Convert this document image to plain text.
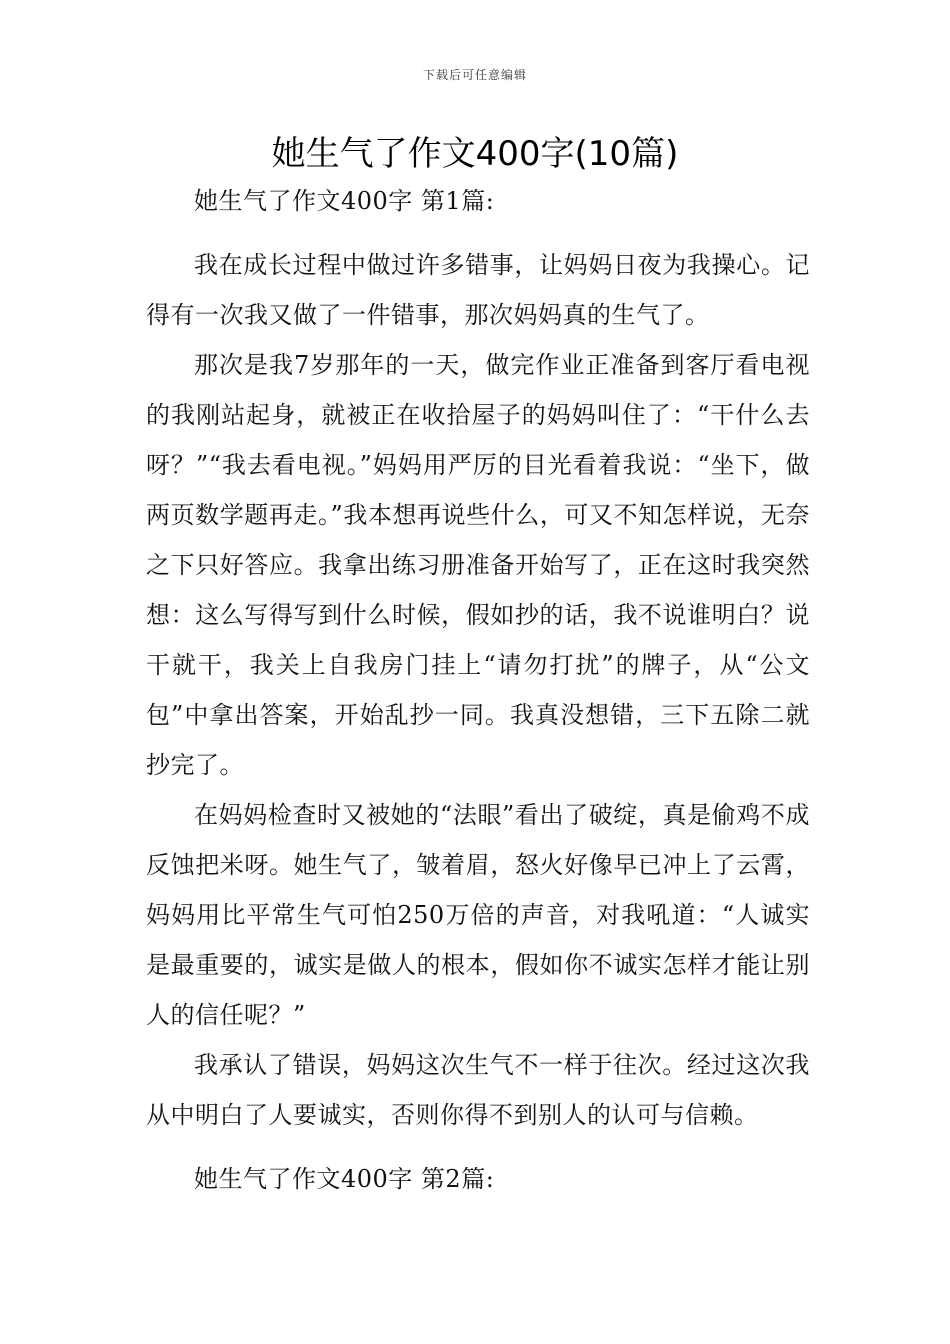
下载后可任意编辑
她生气了作文400字(10篇)

她生气了作文400字 第1篇:

我在成长过程中做过许多错事，让妈妈日夜为我操心。记得有一次我又做了一件错事，那次妈妈真的生气了。

那次是我7岁那年的一天，做完作业正准备到客厅看电视的我刚站起身，就被正在收拾屋子的妈妈叫住了：“干什么去呀？”“我去看电视。”妈妈用严厉的目光看着我说：“坐下，做两页数学题再走。”我本想再说些什么，可又不知怎样说，无奈之下只好答应。我拿出练习册准备开始写了，正在这时我突然想：这么写得写到什么时候，假如抄的话，我不说谁明白？说干就干，我关上自我房门挂上“请勿打扰”的牌子，从“公文包”中拿出答案，开始乱抄一同。我真没想错，三下五除二就抄完了。

在妈妈检查时又被她的“法眼”看出了破绽，真是偷鸡不成反蚀把米呀。她生气了，皱着眉，怒火好像早已冲上了云霄，妈妈用比平常生气可怕250万倍的声音，对我吼道：“人诚实是最重要的，诚实是做人的根本，假如你不诚实怎样才能让别人的信任呢？”

我承认了错误，妈妈这次生气不一样于往次。经过这次我从中明白了人要诚实，否则你得不到别人的认可与信赖。

她生气了作文400字 第2篇:
